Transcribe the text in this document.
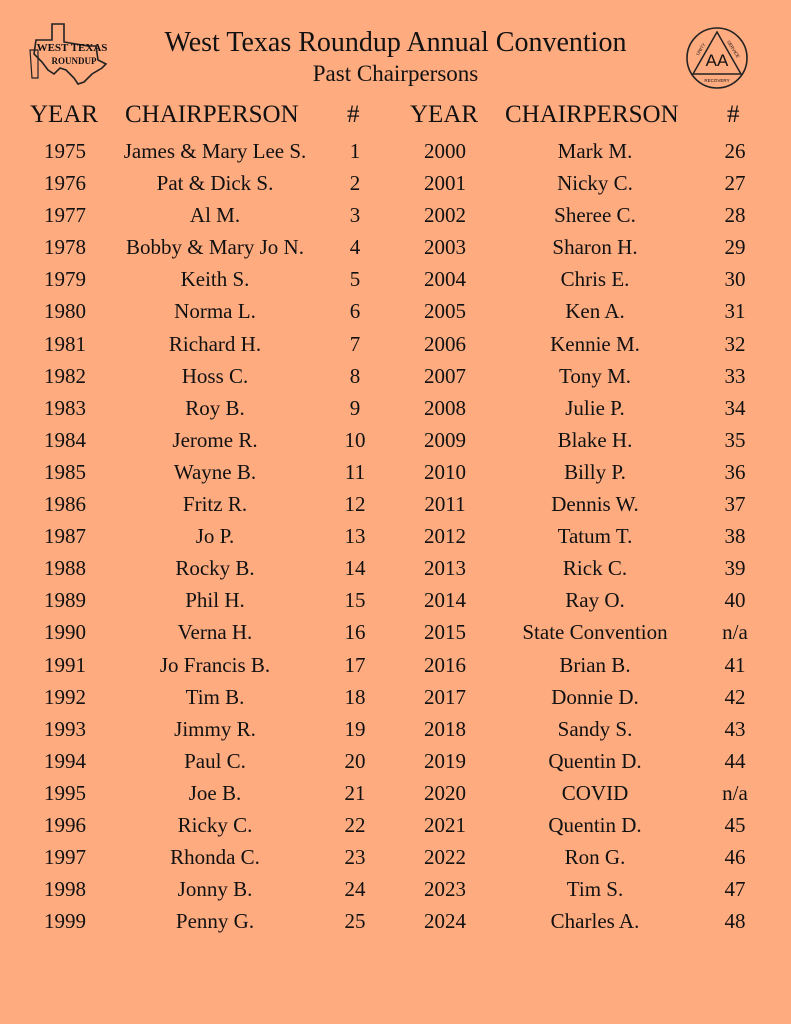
WEST TEXAS
ROUNDUP	AA
UNITY	SERVICE
RECOVERY
West Texas Roundup Annual Convention
Past Chairpersons
YEAR CHAIRPERSON # YEAR CHAIRPERSON #
1975	James & Mary Lee S.	1	2000	Mark M.	26
1976	Pat & Dick S.	2	2001	Nicky C.	27
1977	Al M.	3	2002	Sheree C.	28
1978	Bobby & Mary Jo N.	4	2003	Sharon H.	29
1979	Keith S.	5	2004	Chris E.	30
1980	Norma L.	6	2005	Ken A.	31
1981	Richard H.	7	2006	Kennie M.	32
1982	Hoss C.	8	2007	Tony M.	33
1983	Roy B.	9	2008	Julie P.	34
1984	Jerome R.	10	2009	Blake H.	35
1985	Wayne B.	11	2010	Billy P.	36
1986	Fritz R.	12	2011	Dennis W.	37
1987	Jo P.	13	2012	Tatum T.	38
1988	Rocky B.	14	2013	Rick C.	39
1989	Phil H.	15	2014	Ray O.	40
1990	Verna H.	16	2015	State Convention	n/a
1991	Jo Francis B.	17	2016	Brian B.	41
1992	Tim B.	18	2017	Donnie D.	42
1993	Jimmy R.	19	2018	Sandy S.	43
1994	Paul C.	20	2019	Quentin D.	44
1995	Joe B.	21	2020	COVID	n/a
1996	Ricky C.	22	2021	Quentin D.	45
1997	Rhonda C.	23	2022	Ron G.	46
1998	Jonny B.	24	2023	Tim S.	47
1999	Penny G.	25	2024	Charles A.	48
